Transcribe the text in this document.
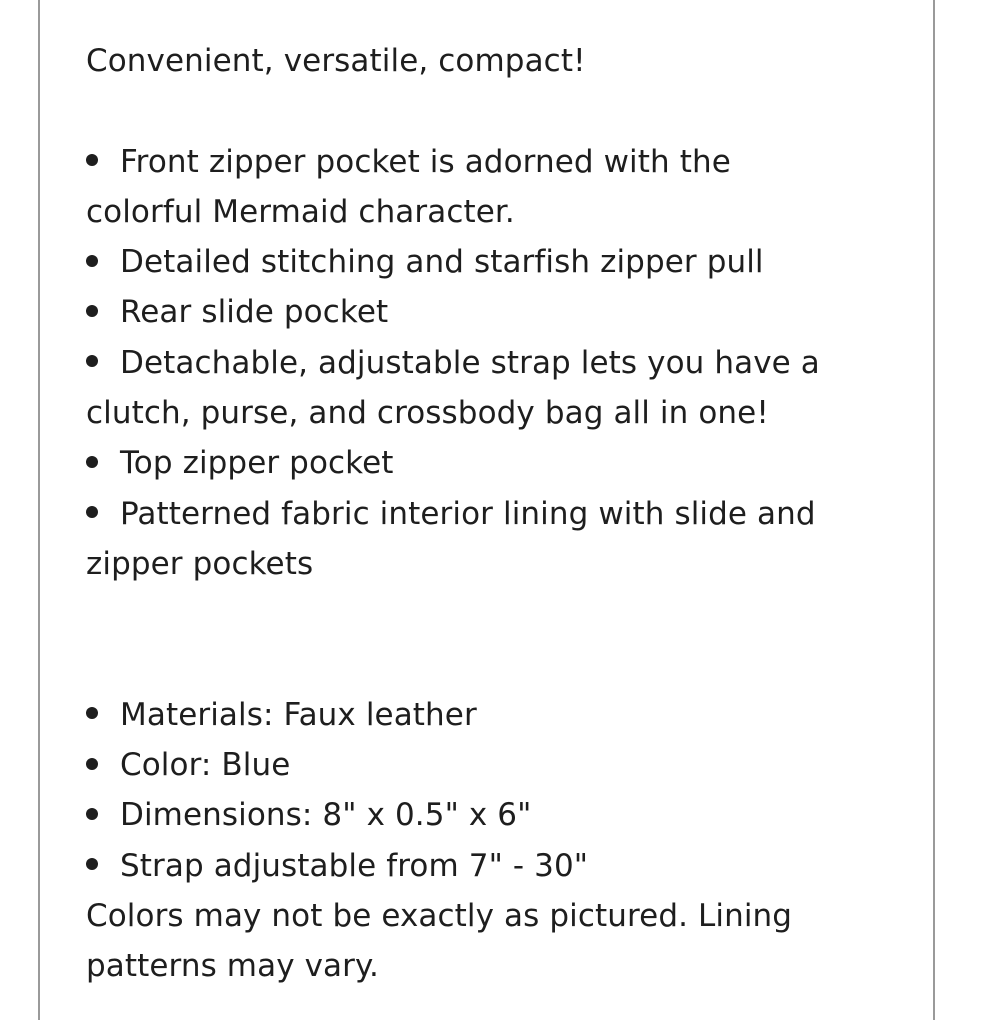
Convenient, versatile, compact!
Front zipper pocket is adorned with the
colorful Mermaid character.
Detailed stitching and starfish zipper pull
Rear slide pocket
Detachable, adjustable strap lets you have a
clutch, purse, and crossbody bag all in one!
Top zipper pocket
Patterned fabric interior lining with slide and
zipper pockets
Materials: Faux leather
Color: Blue
Dimensions: 8" x 0.5" x 6"
Strap adjustable from 7" - 30"
Colors may not be exactly as pictured. Lining
patterns may vary.
